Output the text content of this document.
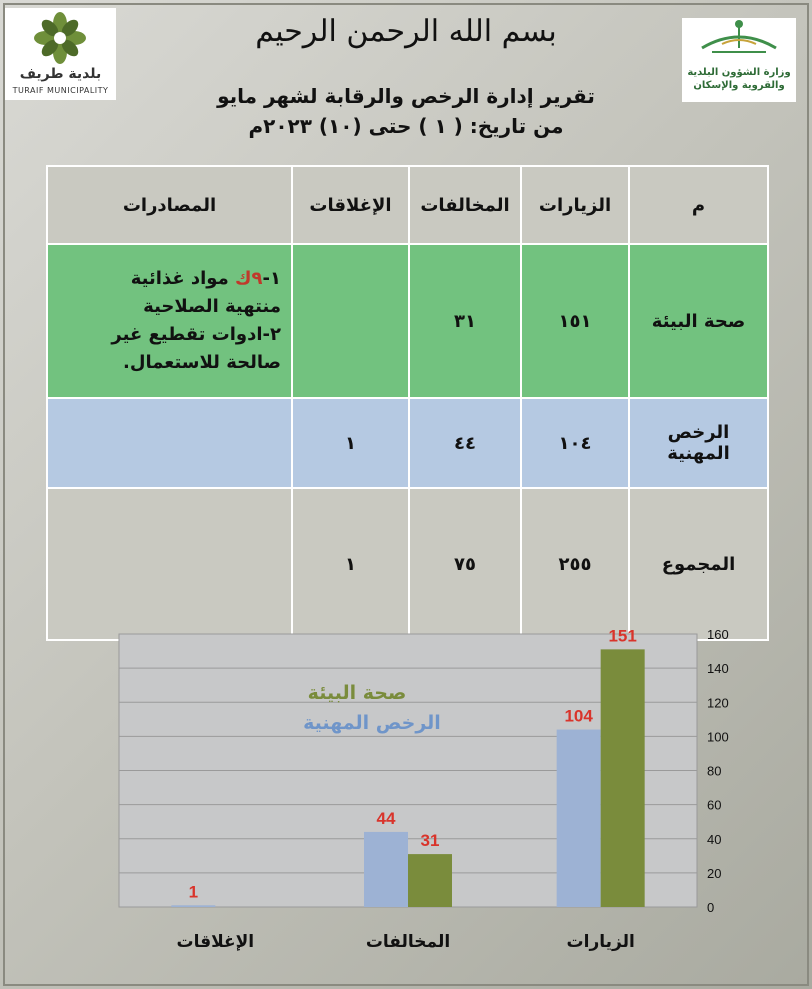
بلدية طريف
TURAIF MUNICIPALITY
وزارة الشؤون البلدية والقروية والإسكان
بسم الله الرحمن الرحيم
تقرير إدارة الرخص والرقابة لشهر مايو
من تاريخ: ( ١ ) حتى (١٠) ٢٠٢٣م
م	الزيارات	المخالفات	الإغلاقات	المصادرات
صحة البيئة	١٥١	٣١		١-٩ك مواد غذائية
منتهية الصلاحية
٢-ادوات تقطيع غير
صالحة للاستعمال.

الرخص
المهنية	١٠٤	٤٤	١	
المجموع	٢٥٥	٧٥	١	
0
20
40
60
80
100
120
140
160
الزيارات
104
151
المخالفات
44
31
الإغلاقات
1
صحة البيئة
الرخص المهنية
